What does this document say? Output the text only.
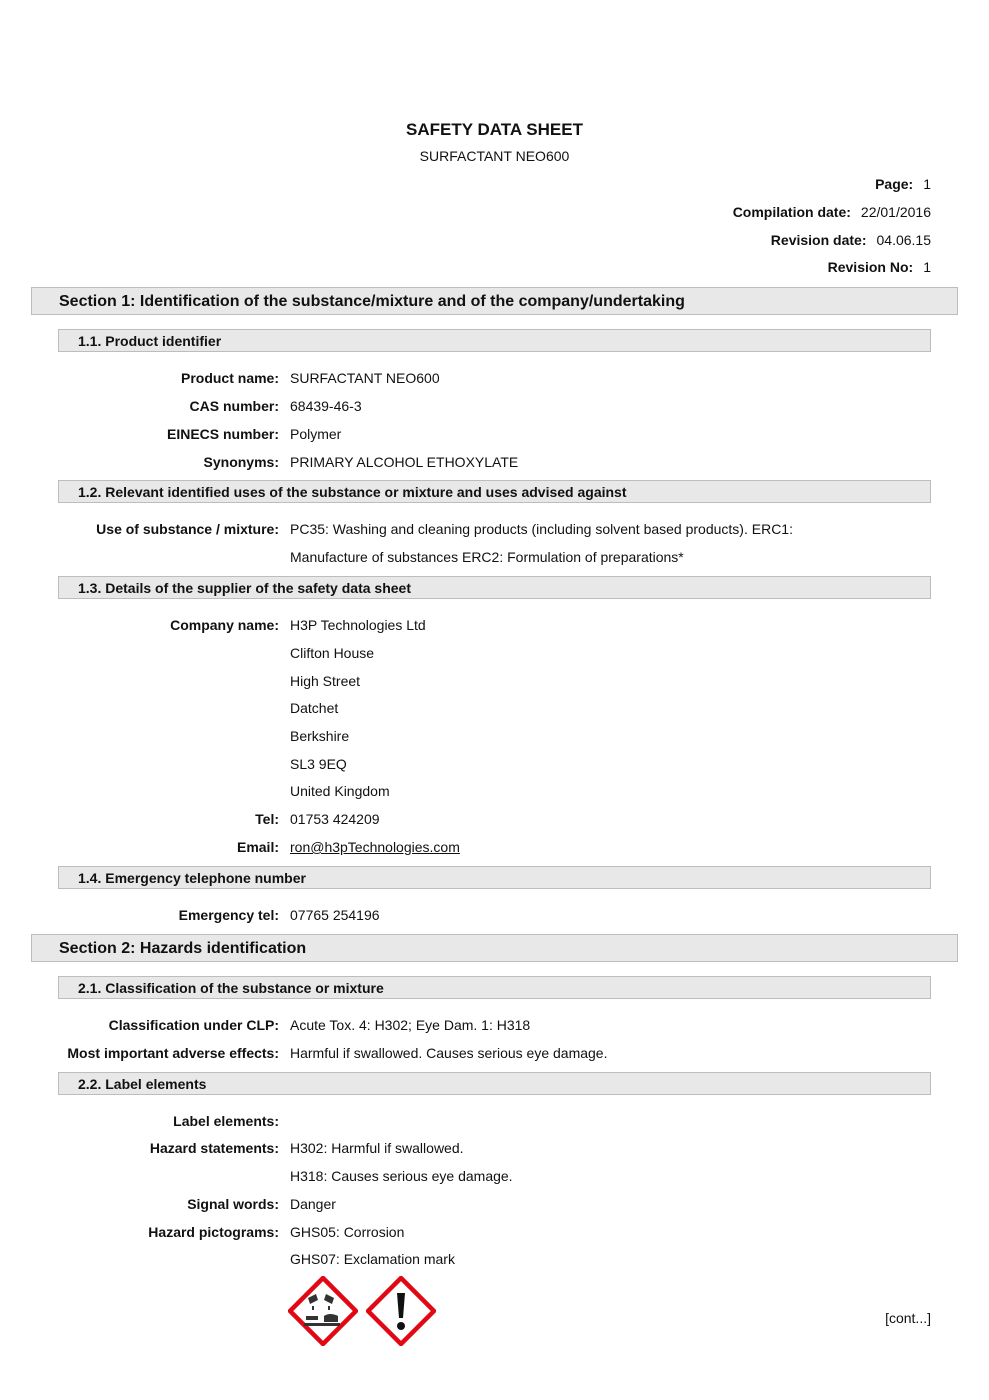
SAFETY DATA SHEET
SURFACTANT NEO600
Page: 1
Compilation date: 22/01/2016
Revision date: 04.06.15
Revision No: 1
Section 1: Identification of the substance/mixture and of the company/undertaking
1.1. Product identifier
Product name: SURFACTANT NEO600
CAS number: 68439-46-3
EINECS number: Polymer
Synonyms: PRIMARY ALCOHOL ETHOXYLATE
1.2. Relevant identified uses of the substance or mixture and uses advised against
Use of substance / mixture: PC35: Washing and cleaning products (including solvent based products). ERC1:
Manufacture of substances ERC2: Formulation of preparations*
1.3. Details of the supplier of the safety data sheet
Company name: H3P Technologies Ltd
Clifton House
High Street
Datchet
Berkshire
SL3 9EQ
United Kingdom
Tel: 01753 424209
Email: ron@h3pTechnologies.com
1.4. Emergency telephone number
Emergency tel: 07765 254196
Section 2: Hazards identification
2.1. Classification of the substance or mixture
Classification under CLP: Acute Tox. 4: H302; Eye Dam. 1: H318
Most important adverse effects: Harmful if swallowed. Causes serious eye damage.
2.2. Label elements
Label elements:
Hazard statements: H302: Harmful if swallowed.
H318: Causes serious eye damage.
Signal words: Danger
Hazard pictograms: GHS05: Corrosion
GHS07: Exclamation mark
[cont...]
